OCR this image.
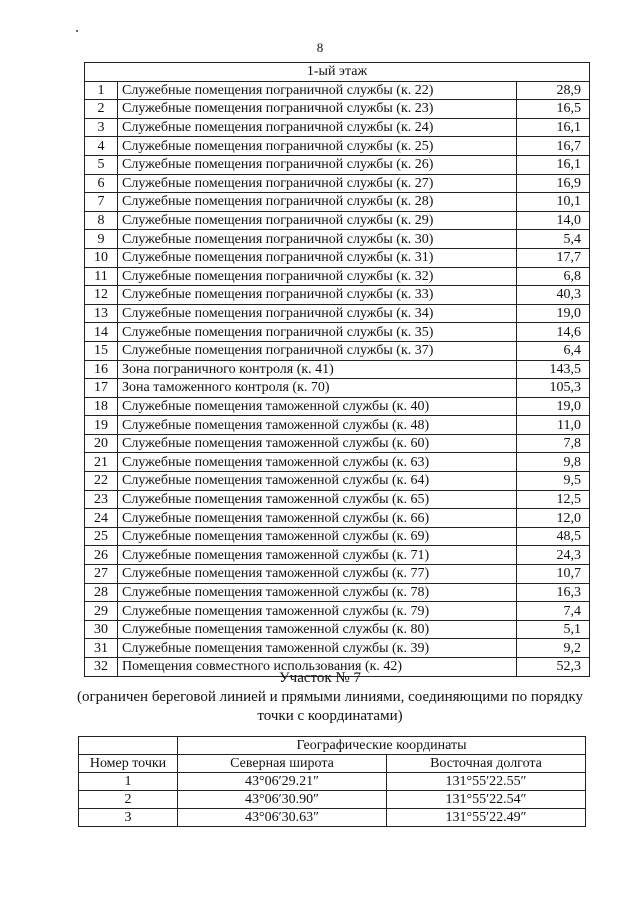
8
1-ый этаж		
1	Служебные помещения пограничной службы (к. 22)	28,9
2	Служебные помещения пограничной службы (к. 23)	16,5
3	Служебные помещения пограничной службы (к. 24)	16,1
4	Служебные помещения пограничной службы (к. 25)	16,7
5	Служебные помещения пограничной службы (к. 26)	16,1
6	Служебные помещения пограничной службы (к. 27)	16,9
7	Служебные помещения пограничной службы (к. 28)	10,1
8	Служебные помещения пограничной службы (к. 29)	14,0
9	Служебные помещения пограничной службы (к. 30)	5,4
10	Служебные помещения пограничной службы (к. 31)	17,7
11	Служебные помещения пограничной службы (к. 32)	6,8
12	Служебные помещения пограничной службы (к. 33)	40,3
13	Служебные помещения пограничной службы (к. 34)	19,0
14	Служебные помещения пограничной службы (к. 35)	14,6
15	Служебные помещения пограничной службы (к. 37)	6,4
16	Зона пограничного контроля (к. 41)	143,5
17	Зона таможенного контроля (к. 70)	105,3
18	Служебные помещения таможенной службы (к. 40)	19,0
19	Служебные помещения таможенной службы (к. 48)	11,0
20	Служебные помещения таможенной службы (к. 60)	7,8
21	Служебные помещения таможенной службы (к. 63)	9,8
22	Служебные помещения таможенной службы (к. 64)	9,5
23	Служебные помещения таможенной службы (к. 65)	12,5
24	Служебные помещения таможенной службы (к. 66)	12,0
25	Служебные помещения таможенной службы (к. 69)	48,5
26	Служебные помещения таможенной службы (к. 71)	24,3
27	Служебные помещения таможенной службы (к. 77)	10,7
28	Служебные помещения таможенной службы (к. 78)	16,3
29	Служебные помещения таможенной службы (к. 79)	7,4
30	Служебные помещения таможенной службы (к. 80)	5,1
31	Служебные помещения таможенной службы (к. 39)	9,2
32	Помещения совместного использования (к. 42)	52,3
Участок № 7
(ограничен береговой линией и прямыми линиями, соединяющими по порядку точки с координатами)
	Географические координаты	
Номер точки	Северная широта	Восточная долгота
1	43°06′29.21″	131°55′22.55″
2	43°06′30.90″	131°55′22.54″
3	43°06′30.63″	131°55′22.49″
